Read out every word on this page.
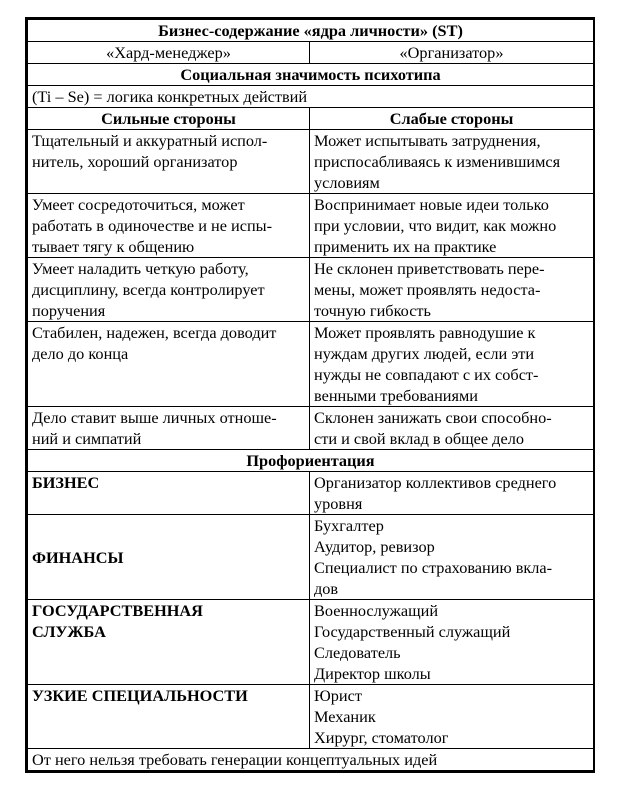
Бизнес-содержание «ядра личности» (ST)	
«Хард-менеджер»	«Организатор»
Социальная значимость психотипа	
(Ti – Se) = логика конкретных действий	
Сильные стороны	Слабые стороны

Тщательный и аккуратный испол-
нитель, хороший организатор	Может испытывать затруднения,
приспосабливаясь к изменившимся
условиям

Умеет сосредоточиться, может
работать в одиночестве и не испы-
тывает тягу к общению	Воспринимает новые идеи только
при условии, что видит, как можно
применить их на практике

Умеет наладить четкую работу,
дисциплину, всегда контролирует
поручения	Не склонен приветствовать пере-
мены, может проявлять недоста-
точную гибкость

Стабилен, надежен, всегда доводит
дело до конца	Может проявлять равнодушие к
нуждам других людей, если эти
нужды не совпадают с их собст-
венными требованиями

Дело ставит выше личных отноше-
ний и симпатий	Склонен занижать свои способно-
сти и свой вклад в общее дело

Профориентация	

БИЗНЕС	Организатор коллективов среднего
уровня

ФИНАНСЫ	Бухгалтер
Аудитор, ревизор
Специалист по страхованию вкла-
дов

ГОСУДАРСТВЕННАЯ
СЛУЖБА	Военнослужащий
Государственный служащий
Следователь
Директор школы

УЗКИЕ СПЕЦИАЛЬНОСТИ	Юрист
Механик
Хирург, стоматолог

От него нельзя требовать генерации концептуальных идей	
